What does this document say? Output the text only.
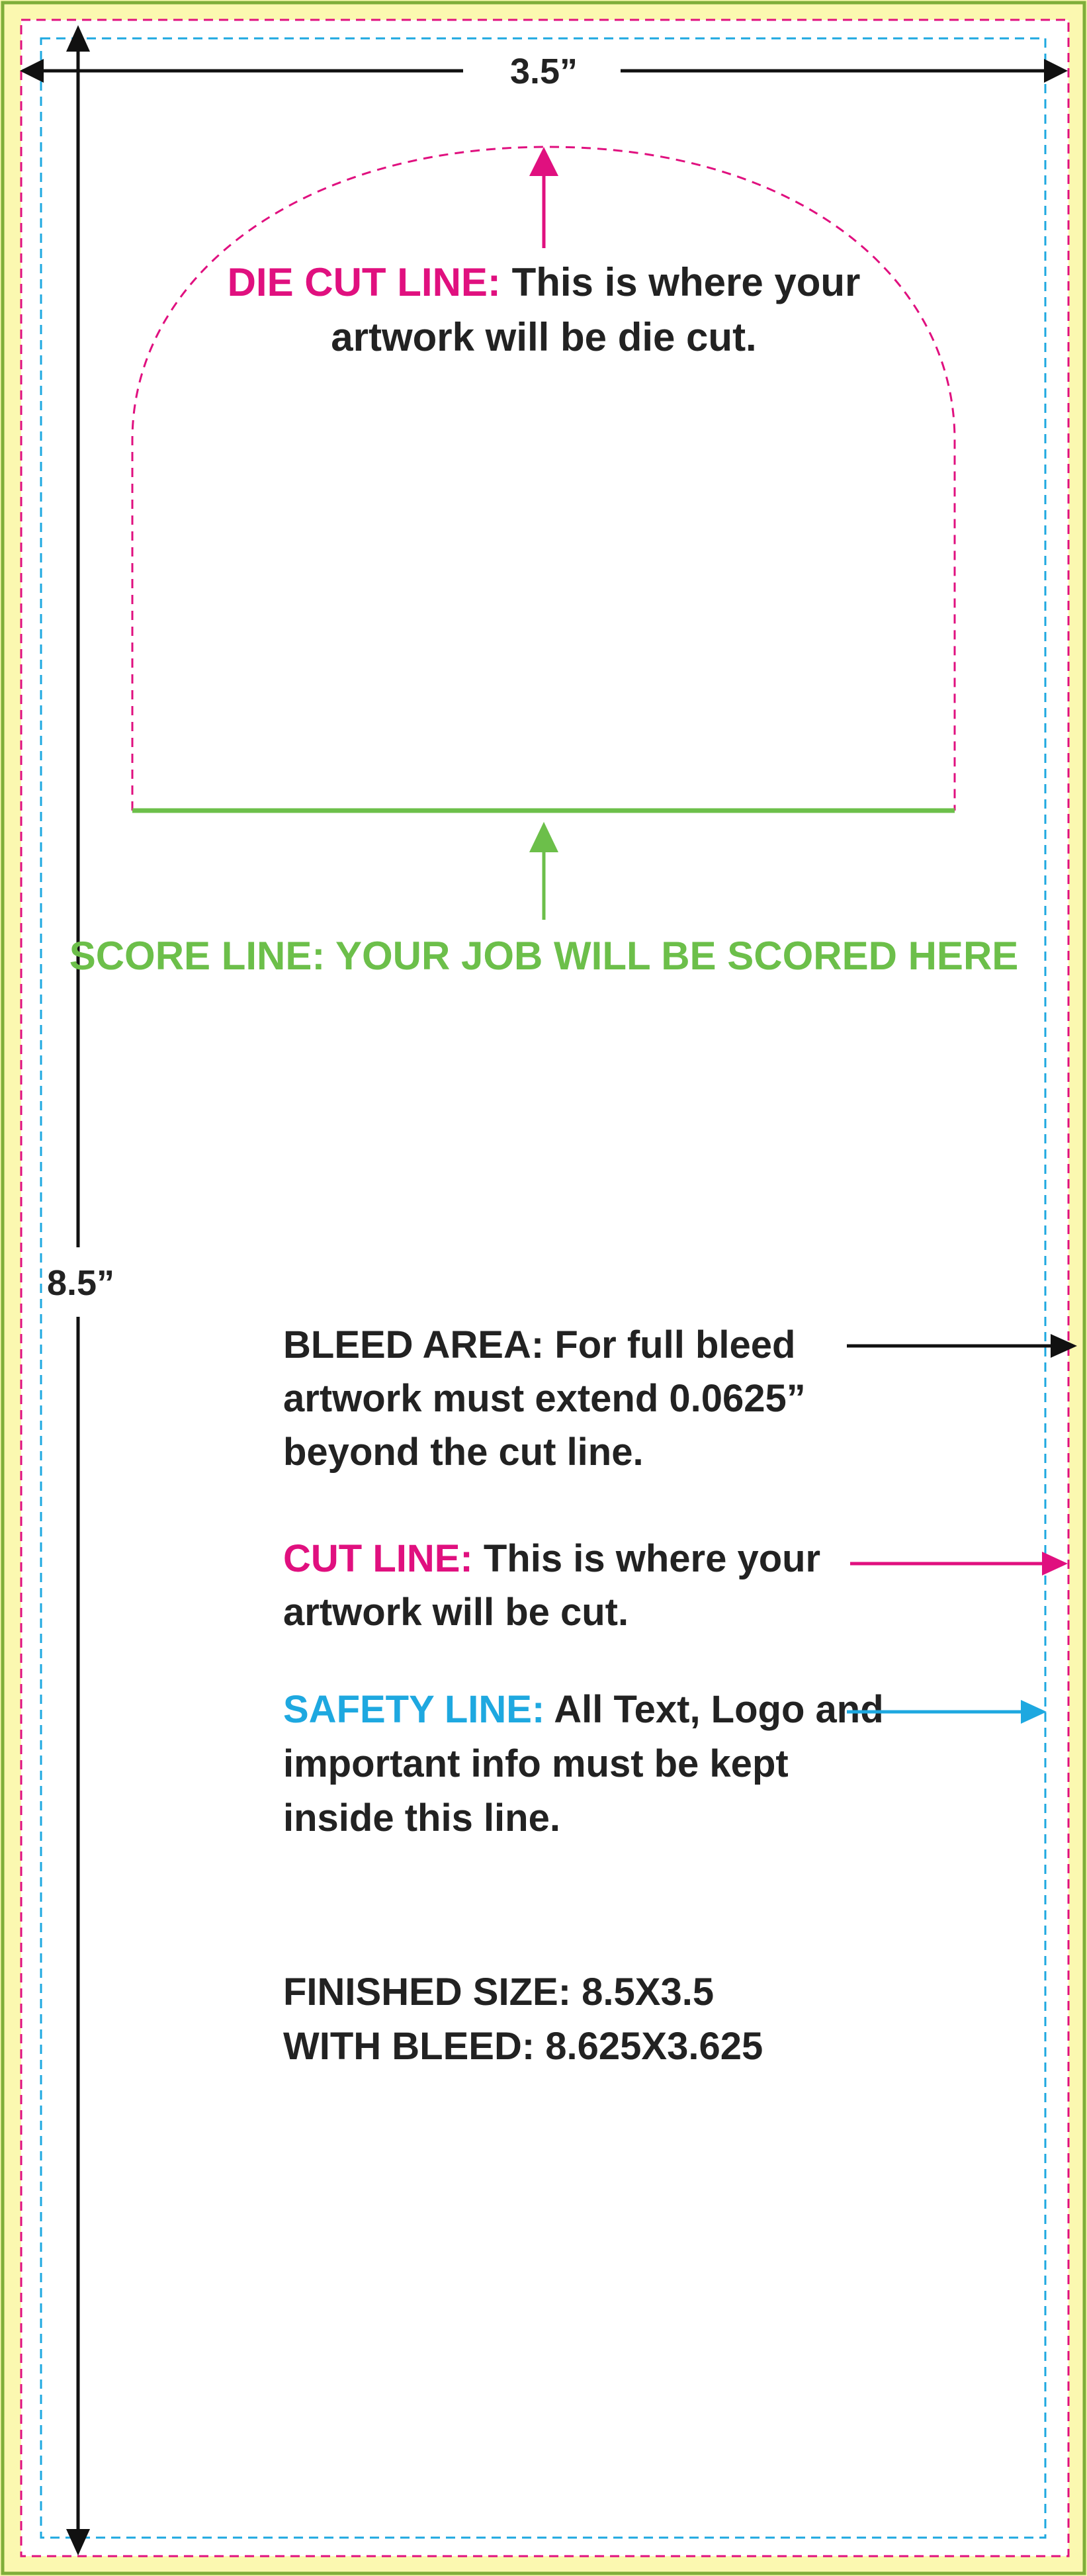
3.5”
8.5”
DIE CUT LINE: This is where your
artwork will be die cut.
SCORE LINE: YOUR JOB WILL BE SCORED HERE
BLEED AREA: For full bleed
artwork must extend 0.0625”
beyond the cut line.
CUT LINE: This is where your
artwork will be cut.
SAFETY LINE: All Text, Logo and
important info must be kept
inside this line.
FINISHED SIZE: 8.5X3.5
WITH BLEED: 8.625X3.625
